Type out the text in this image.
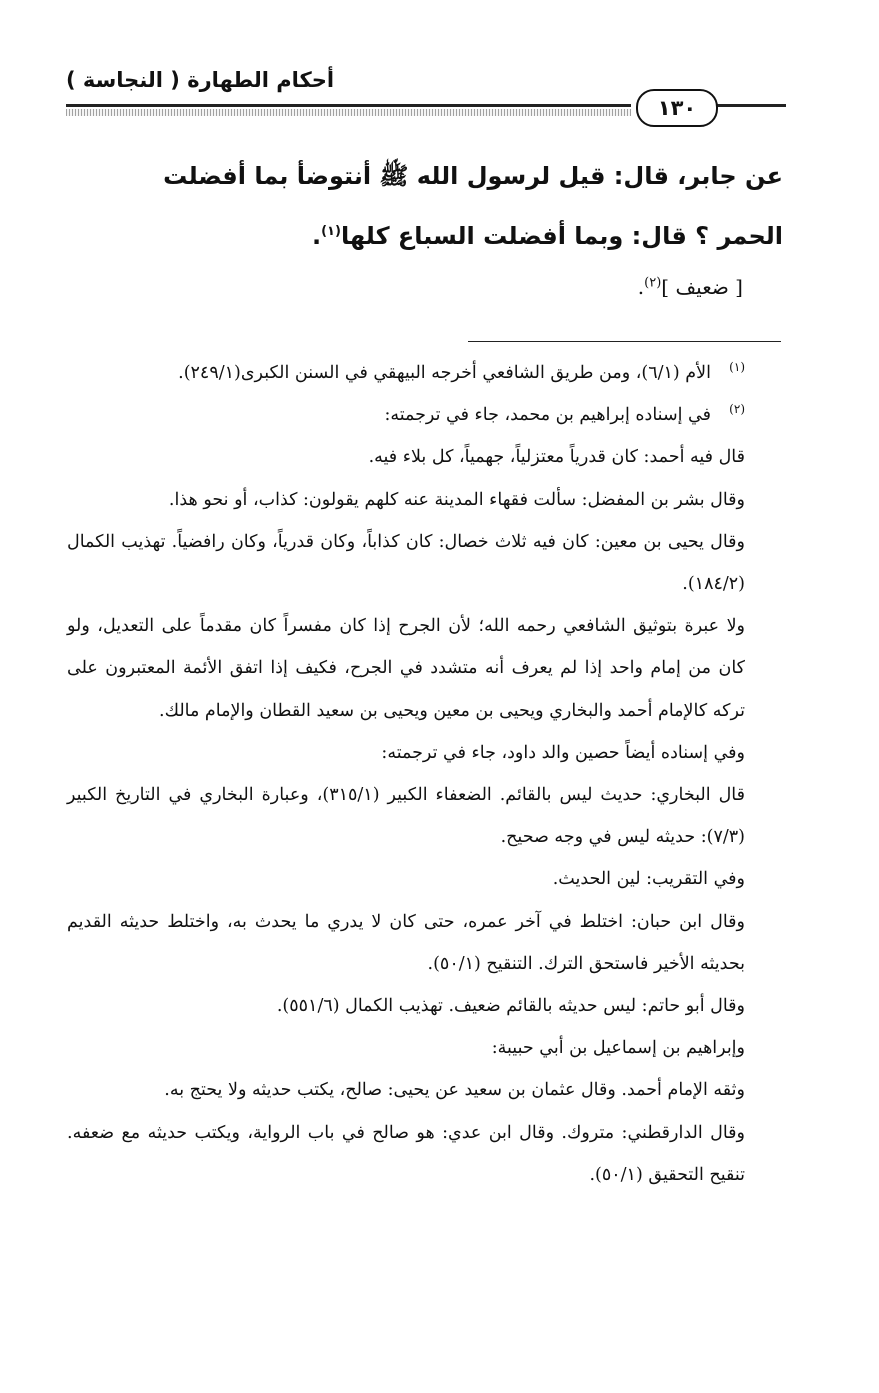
أحكام الطهارة ( النجاسة )
١٣٠

عن جابر، قال: قيل لرسول الله ﷺ أنتوضأ بما أفضلت الحمر ؟ قال: وبما أفضلت السباع كلها$^{(١)}$.

[ ضعيف ]$^{(٢)}$.

(١)الأم (٦/١)، ومن طريق الشافعي أخرجه البيهقي في السنن الكبرى(٢٤٩/١).

(٢)في إسناده إبراهيم بن محمد، جاء في ترجمته:

قال فيه أحمد: كان قدرياً معتزلياً، جهمياً، كل بلاء فيه.

وقال بشر بن المفضل: سألت فقهاء المدينة عنه كلهم يقولون: كذاب، أو نحو هذا.

وقال يحيى بن معين: كان فيه ثلاث خصال: كان كذاباً، وكان قدرياً، وكان رافضياً. تهذيب الكمال (١٨٤/٢).

ولا عبرة بتوثيق الشافعي رحمه الله؛ لأن الجرح إذا كان مفسراً كان مقدماً على التعديل، ولو كان من إمام واحد إذا لم يعرف أنه متشدد في الجرح، فكيف إذا اتفق الأئمة المعتبرون على تركه كالإمام أحمد والبخاري ويحيى بن معين ويحيى بن سعيد القطان والإمام مالك.

وفي إسناده أيضاً حصين والد داود، جاء في ترجمته:

قال البخاري: حديث ليس بالقائم. الضعفاء الكبير (٣١٥/١)، وعبارة البخاري في التاريخ الكبير (٧/٣): حديثه ليس في وجه صحيح.

وفي التقريب: لين الحديث.

وقال ابن حبان: اختلط في آخر عمره، حتى كان لا يدري ما يحدث به، واختلط حديثه القديم بحديثه الأخير فاستحق الترك. التنقيح (٥٠/١).

وقال أبو حاتم: ليس حديثه بالقائم ضعيف. تهذيب الكمال (٥٥١/٦).

وإبراهيم بن إسماعيل بن أبي حبيبة:

وثقه الإمام أحمد. وقال عثمان بن سعيد عن يحيى: صالح، يكتب حديثه ولا يحتج به.

وقال الدارقطني: متروك. وقال ابن عدي: هو صالح في باب الرواية، ويكتب حديثه مع ضعفه. تنقيح التحقيق (٥٠/١).
